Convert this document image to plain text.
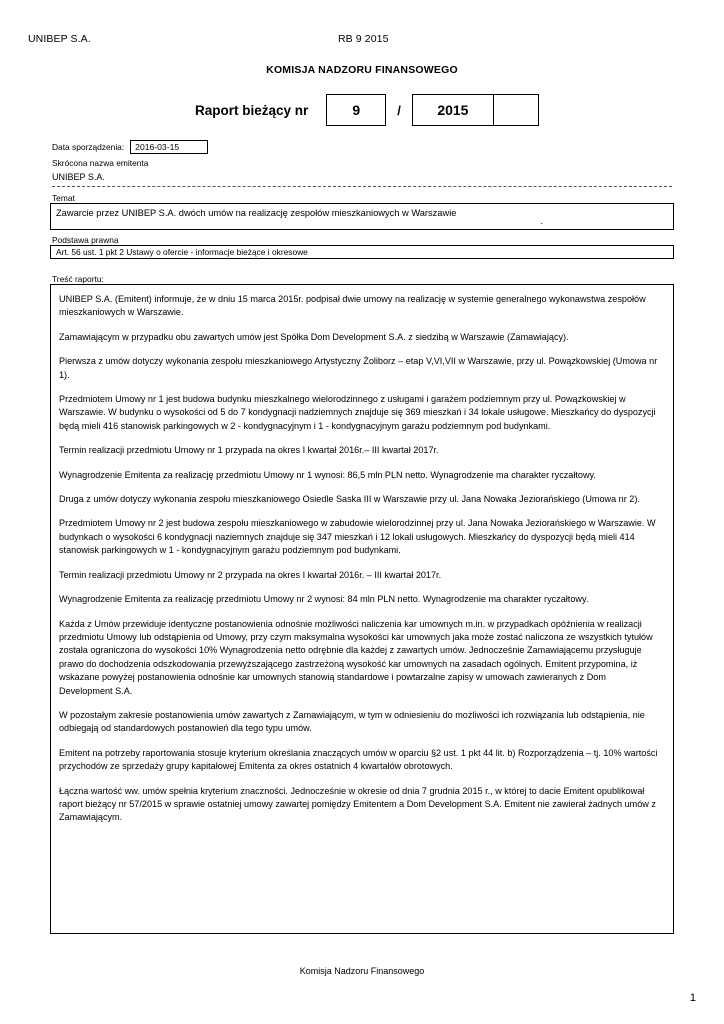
UNIBEP S.A.	RB 9 2015
KOMISJA NADZORU FINANSOWEGO
Raport bieżący nr	9	/	2015
Data sporządzenia:	2016-03-15
Skrócona nazwa emitenta
UNIBEP S.A.
Temat
Zawarcie przez UNIBEP S.A. dwóch umów na realizację zespołów mieszkaniowych w Warszawie
.
Podstawa prawna
Art. 56 ust. 1 pkt 2 Ustawy o ofercie - informacje bieżące i okresowe
Treść raportu:

UNIBEP S.A. (Emitent) informuje, że w dniu 15 marca 2015r. podpisał dwie umowy na realizację w systemie generalnego wykonawstwa zespołów mieszkaniowych w Warszawie.

Zamawiającym w przypadku obu zawartych umów jest Spółka Dom Development S.A. z siedzibą w Warszawie (Zamawiający).

Pierwsza z umów dotyczy wykonania zespołu mieszkaniowego Artystyczny Żoliborz – etap V,VI,VII w Warszawie, przy ul. Powązkowskiej (Umowa nr 1).

Przedmiotem Umowy nr 1 jest budowa budynku mieszkalnego wielorodzinnego z usługami i garażem podziemnym przy ul. Powązkowskiej w Warszawie. W budynku o wysokości od 5 do 7 kondygnacji nadziemnych znajduje się 369 mieszkań i 34 lokale usługowe. Mieszkańcy do dyspozycji będą mieli 416 stanowisk parkingowych w 2 - kondygnacyjnym i 1 - kondygnacyjnym garażu podziemnym pod budynkami.

Termin realizacji przedmiotu Umowy nr 1 przypada na okres I kwartał 2016r.– III kwartał 2017r.

Wynagrodzenie Emitenta za realizację przedmiotu Umowy nr 1 wynosi: 86,5 mln PLN netto. Wynagrodzenie ma charakter ryczałtowy.

Druga z umów dotyczy wykonania zespołu mieszkaniowego Osiedle Saska III w Warszawie przy ul. Jana Nowaka Jeziorańskiego (Umowa nr 2).

Przedmiotem Umowy nr 2 jest budowa zespołu mieszkaniowego w zabudowie wielorodzinnej przy ul. Jana Nowaka Jeziorańskiego w Warszawie. W budynkach o wysokości 6 kondygnacji naziemnych znajduje się 347 mieszkań i 12 lokali usługowych. Mieszkańcy do dyspozycji będą mieli 414 stanowisk parkingowych w 1 - kondygnacyjnym garażu podziemnym pod budynkami.

Termin realizacji przedmiotu Umowy nr 2 przypada na okres I kwartał 2016r. – III kwartał 2017r.

Wynagrodzenie Emitenta za realizację przedmiotu Umowy nr 2 wynosi: 84 mln PLN netto. Wynagrodzenie ma charakter ryczałtowy.

Każda z Umów przewiduje identyczne postanowienia odnośnie możliwości naliczenia kar umownych m.in. w przypadkach opóźnienia w realizacji przedmiotu Umowy lub odstąpienia od Umowy, przy czym maksymalna wysokości kar umownych jaka może zostać naliczona ze wszystkich tytułów została ograniczona do wysokości 10% Wynagrodzenia netto odrębnie dla każdej z zawartych umów. Jednocześnie Zamawiającemu przysługuje prawo do dochodzenia odszkodowania przewyższającego zastrzeżoną wysokość kar umownych na zasadach ogólnych. Emitent przypomina, iż wskazane powyżej postanowienia odnośnie kar umownych stanowią standardowe i powtarzalne zapisy w umowach zawieranych z Dom Development S.A.

W pozostałym zakresie postanowienia umów zawartych z Zamawiającym, w tym w odniesieniu do możliwości ich rozwiązania lub odstąpienia, nie odbiegają od standardowych postanowień dla tego typu umów.

Emitent na potrzeby raportowania stosuje kryterium określania znaczących umów w oparciu §2 ust. 1 pkt 44 lit. b) Rozporządzenia – tj. 10% wartości przychodów ze sprzedaży grupy kapitałowej Emitenta za okres ostatnich 4 kwartałów obrotowych.

Łączna wartość ww. umów spełnia kryterium znaczności. Jednocześnie w okresie od dnia 7 grudnia 2015 r., w której to dacie Emitent opublikował raport bieżący nr 57/2015 w sprawie ostatniej umowy zawartej pomiędzy Emitentem a Dom Development S.A. Emitent nie zawierał żadnych umów z Zamawiającym.

Komisja Nadzoru Finansowego
1
